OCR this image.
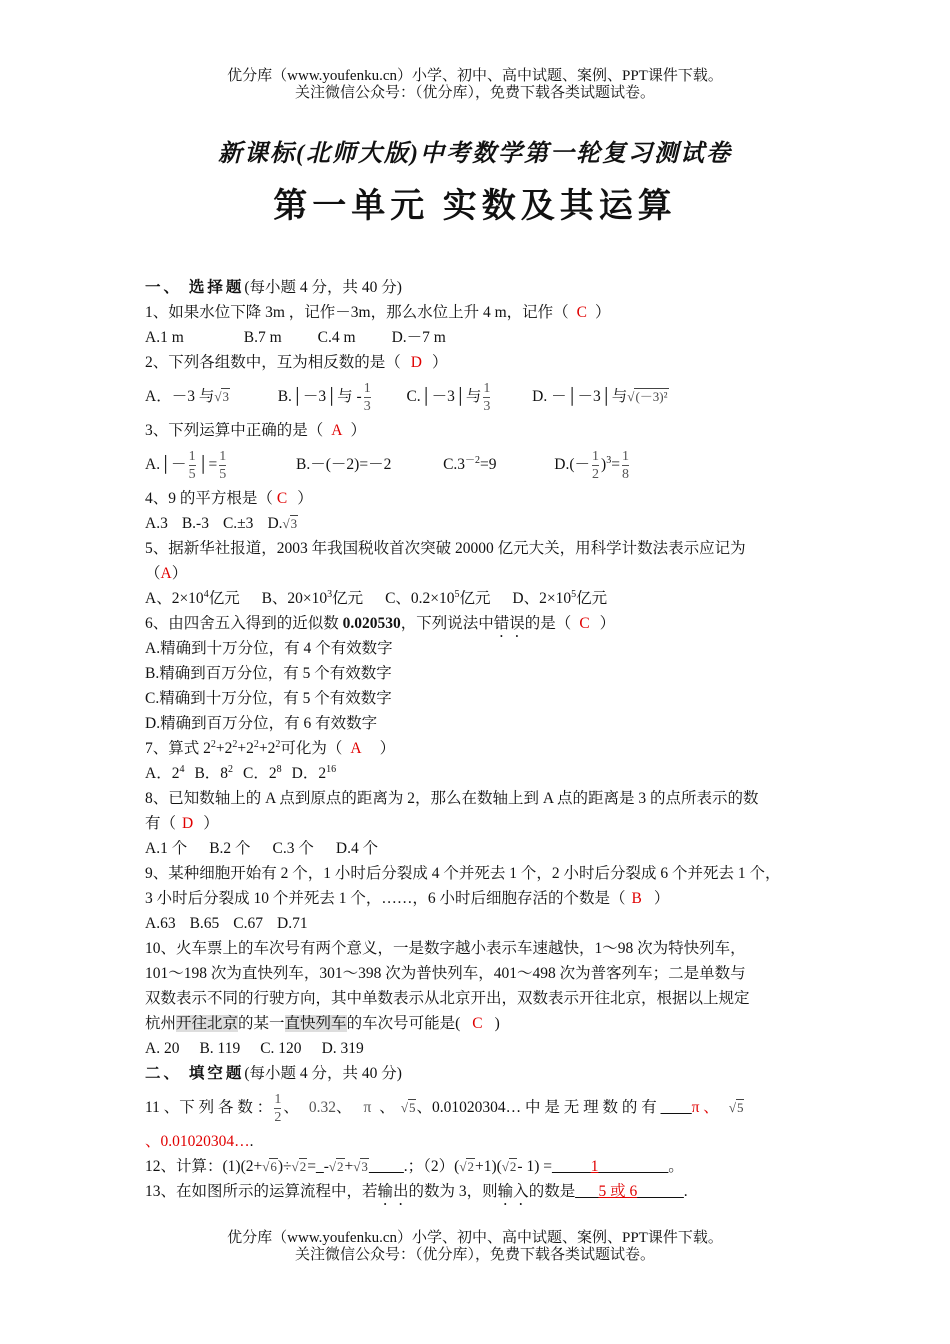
优分库（www.youfenku.cn）小学、初中、高中试题、案例、PPT课件下载。
关注微信公众号：（优分库），免费下载各类试题试卷。
新课标(北师大版)中考数学第一轮复习测试卷
第一单元 实数及其运算
一、 选择题(每小题 4 分，共 40 分)
1、如果水位下降 3m ，记作－3m，那么水位上升 4 m，记作（ C ）
A.1 m	B.7 m C.4 m D.－7 m
2、下列各组数中，互为相反数的是（ D ）
A．－3 与√3	B.│－3│与 - $\frac{1}{3}$ C.│－3│与 $\frac{1}{3}$	D. －│－3│与√(－3)²
3、下列运算中正确的是（ A ）
A.│－ $\frac{1}{5}$ │= $\frac{1}{5}$	B.－(－2)=－2	$C.3^{-2}=9$	$D.(- \frac{1}{2} )^3= \frac{1}{8}$
4、9 的平方根是（ C ）
A.3 B.-3 C.±3 D.√3
5、据新华社报道，2003 年我国税收首次突破 20000 亿元大关，用科学计数法表示应记为
（A）
A、$2\times 10^4$亿元 B、$20\times 10^3$亿元 C、$0.2\times 10^5$亿元 D、$2\times 10^5$亿元
6、由四舍五入得到的近似数 0.020530，下列说法中错误的是（ C ）
A.精确到十万分位，有 4 个有效数字
B.精确到百万分位，有 5 个有效数字
C.精确到十万分位，有 5 个有效数字
D.精确到百万分位，有 6 有效数字
7、算式 $2^2+2^2+2^2+2^2$可化为（ A ）
A．$2^4$ B．$8^2$ C．$2^8$ D．$2^{16}$
8、已知数轴上的 A 点到原点的距离为 2，那么在数轴上到 A 点的距离是 3 的点所表示的数
有（ D ）
A.1 个 B.2 个 C.3 个 D.4 个
9、某种细胞开始有 2 个，1 小时后分裂成 4 个并死去 1 个，2 小时后分裂成 6 个并死去 1 个，
3 小时后分裂成 10 个并死去 1 个，……，6 小时后细胞存活的个数是（ B ）
A.63 B.65 C.67 D.71
10、火车票上的车次号有两个意义，一是数字越小表示车速越快，1～98 次为特快列车，
101～198 次为直快列车，301～398 次为普快列车，401～498 次为普客列车；二是单数与
双数表示不同的行驶方向，其中单数表示从北京开出，双数表示开往北京，根据以上规定
杭州开往北京的某一直快列车的车次号可能是( C )
A. 20 B. 119 C. 120 D. 319
二、 填空题(每小题 4 分，共 40 分)
11 、下 列 各 数 ： $\frac{1}{2}$ 、 0.32、 π 、 √5、0.01020304… 中 是 无 理 数 的 有 ____π 、 √5
、0.01020304….
12、计算：(1)(2+√6)÷√2=_-√2+√3 ____.；（2）(√2+1)(√2- 1) =_____1_________。
13、在如图所示的运算流程中，若输出的数为 3，则输入的数是___5 或 6______.
优分库（www.youfenku.cn）小学、初中、高中试题、案例、PPT课件下载。
关注微信公众号：（优分库），免费下载各类试题试卷。
